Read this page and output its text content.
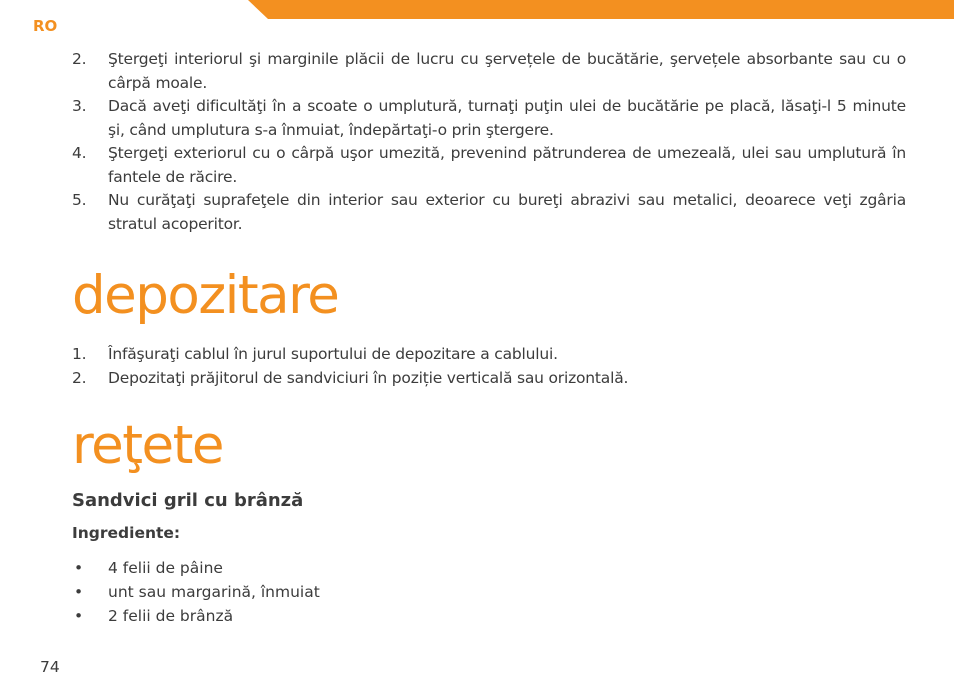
RO
2. Ştergeţi interiorul şi marginile plăcii de lucru cu şervețele de bucătărie, şervețele absorbante sau cu o cârpă moale.
3. Dacă aveţi dificultăţi în a scoate o umplutură, turnaţi puţin ulei de bucătărie pe placă, lăsaţi-l 5 minute şi, când umplutura s-a înmuiat, îndepărtaţi-o prin ştergere.
4. Ştergeţi exteriorul cu o cârpă uşor umezită, prevenind pătrunderea de umezeală, ulei sau umplutură în fantele de răcire.
5. Nu curăţaţi suprafeţele din interior sau exterior cu bureţi abrazivi sau metalici, deoarece veţi zgâria stratul acoperitor.
depozitare
1. Înfăşuraţi cablul în jurul suportului de depozitare a cablului.
2. Depozitaţi prăjitorul de sandviciuri în poziție verticală sau orizontală.
reţete
Sandvici gril cu brânză

Ingrediente:

• 4 felii de pâine
• unt sau margarină, înmuiat
• 2 felii de brânză
74
